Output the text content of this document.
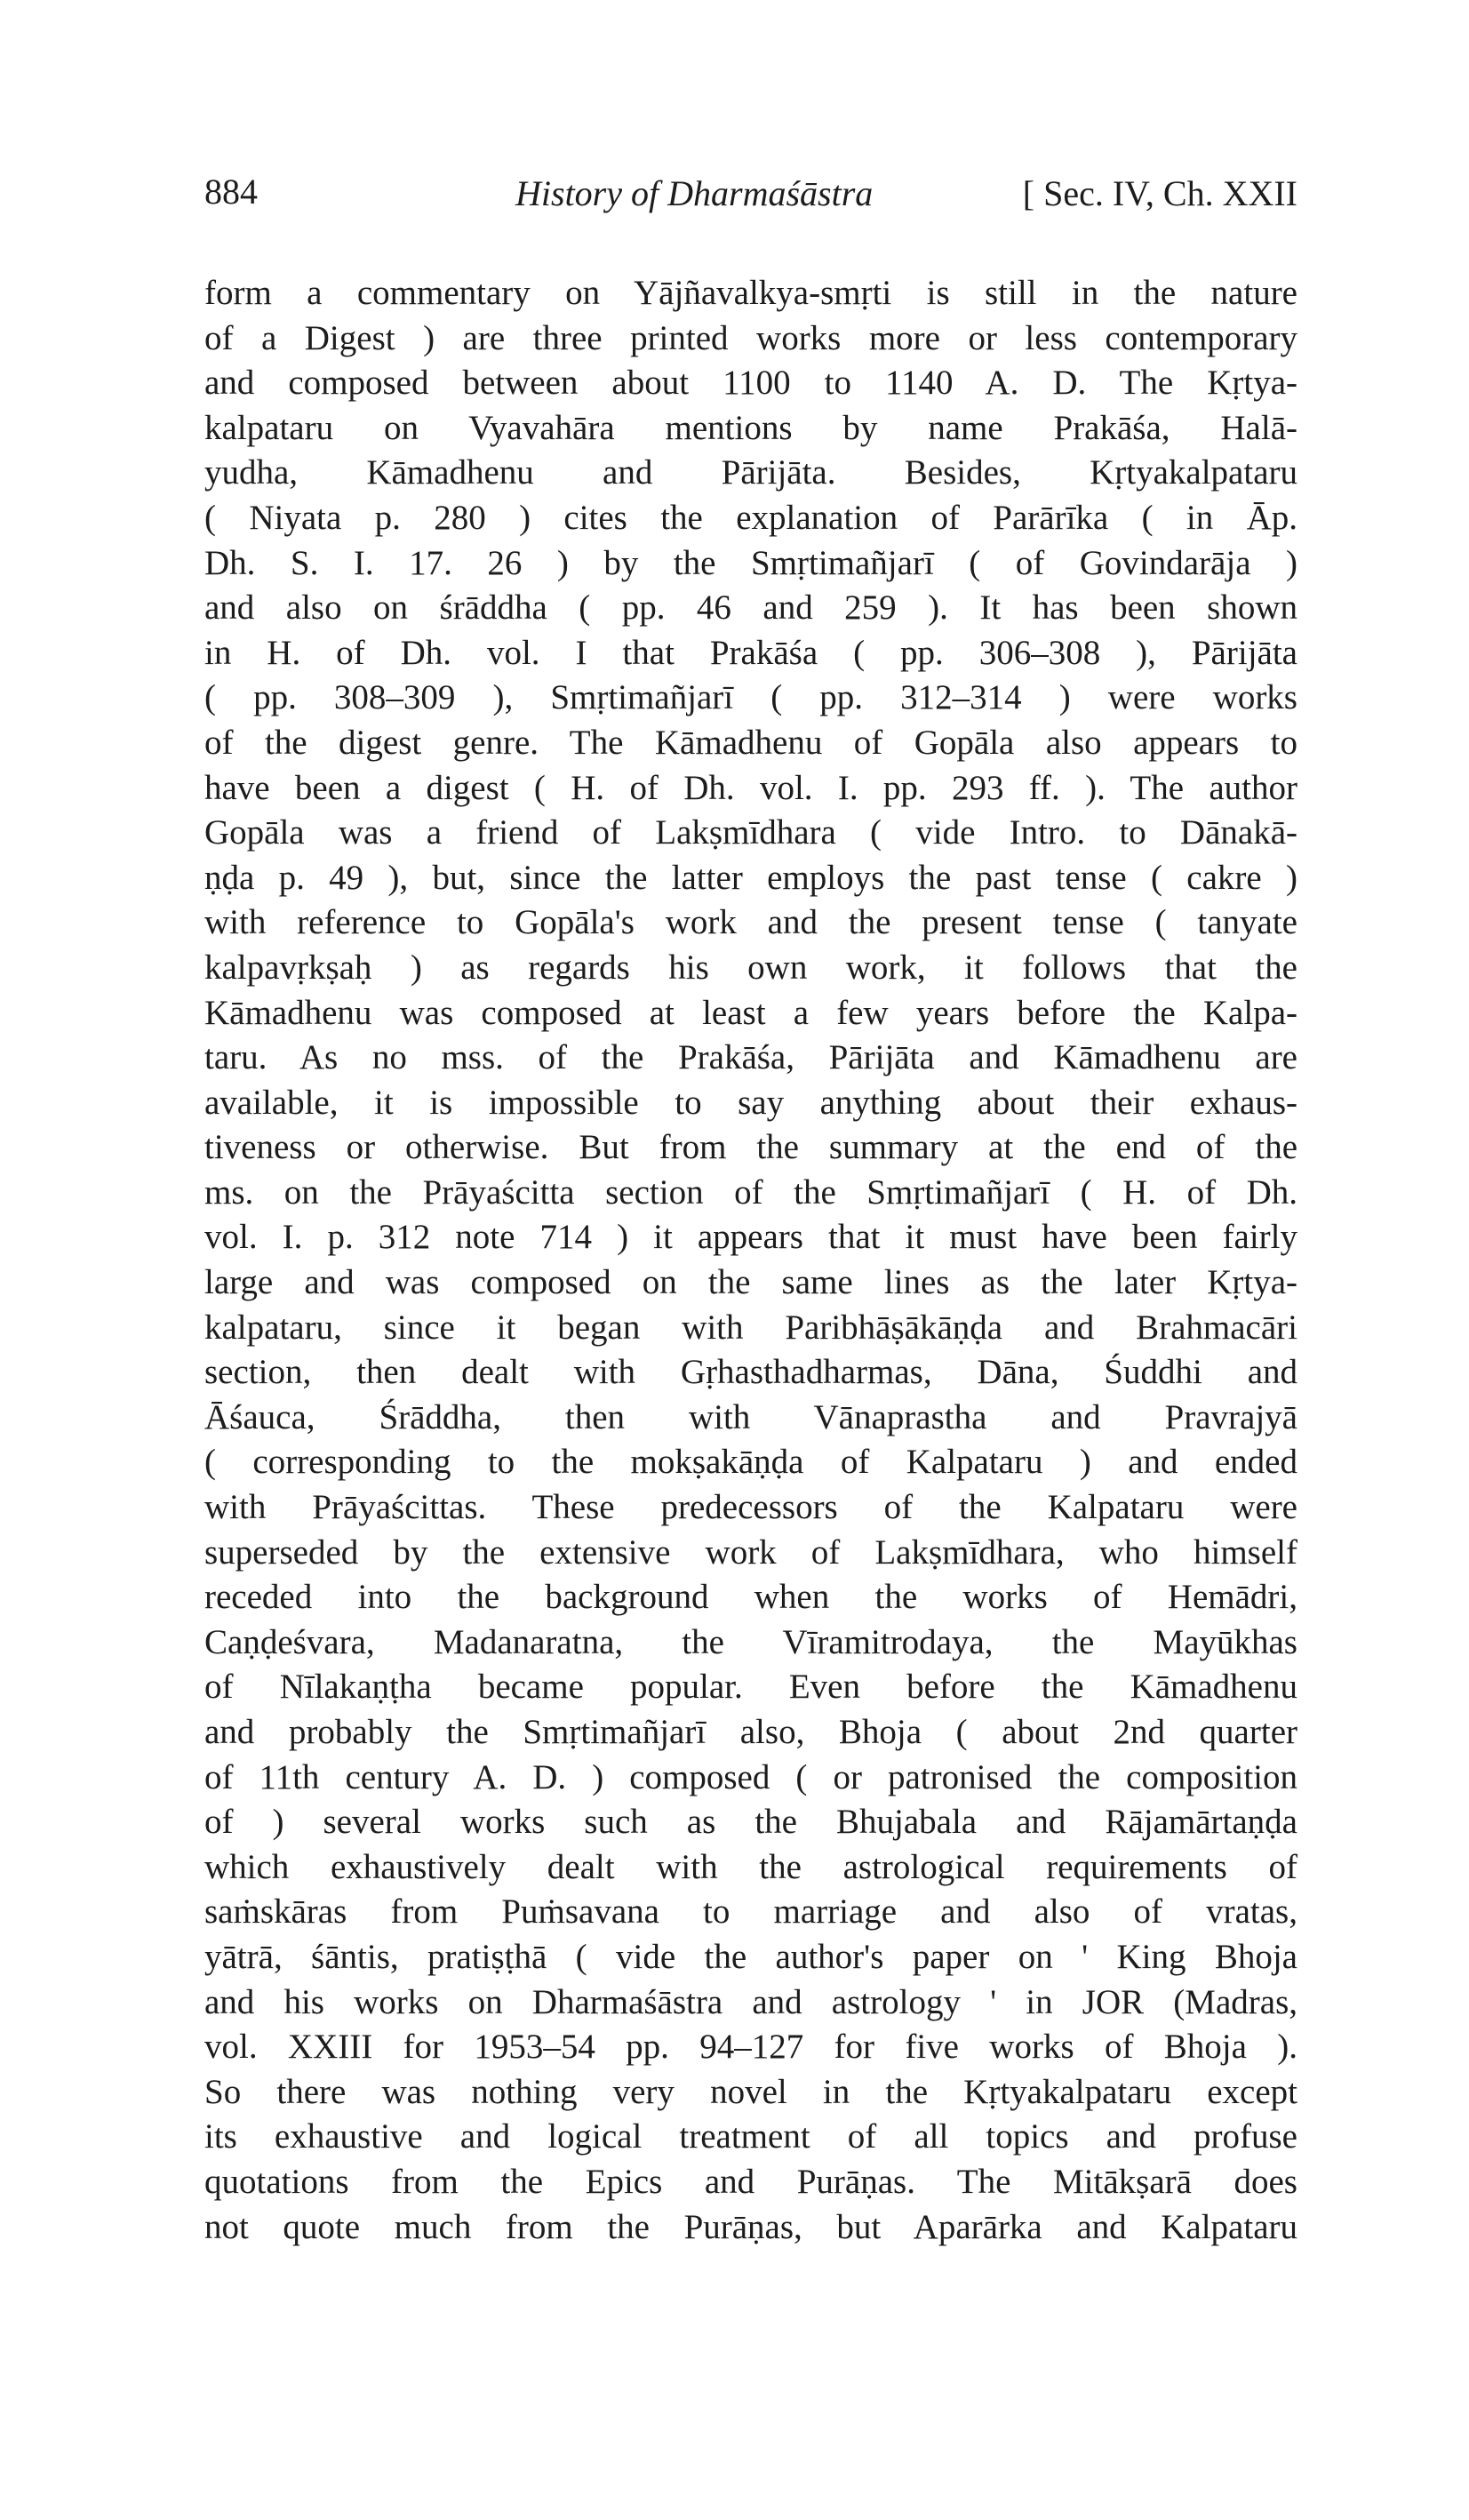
884	History of Dharmaśāstra	[ Sec. IV, Ch. XXII
form a commentary on Yājñavalkya-smṛti is still in the nature
of a Digest ) are three printed works more or less contemporary
and composed between about 1100 to 1140 A. D. The Kṛtya-
kalpataru on Vyavahāra mentions by name Prakāśa, Halā-
yudha, Kāmadhenu and Pārijāta. Besides, Kṛtyakalpataru
( Niyata p. 280 ) cites the explanation of Parārīka ( in Āp.
Dh. S. I. 17. 26 ) by the Smṛtimañjarī ( of Govindarāja )
and also on śrāddha ( pp. 46 and 259 ). It has been shown
in H. of Dh. vol. I that Prakāśa ( pp. 306–308 ), Pārijāta
( pp. 308–309 ), Smṛtimañjarī ( pp. 312–314 ) were works
of the digest genre. The Kāmadhenu of Gopāla also appears to
have been a digest ( H. of Dh. vol. I. pp. 293 ff. ). The author
Gopāla was a friend of Lakṣmīdhara ( vide Intro. to Dānakā-
ṇḍa p. 49 ), but, since the latter employs the past tense ( cakre )
with reference to Gopāla's work and the present tense ( tanyate
kalpavṛkṣaḥ ) as regards his own work, it follows that the
Kāmadhenu was composed at least a few years before the Kalpa-
taru. As no mss. of the Prakāśa, Pārijāta and Kāmadhenu are
available, it is impossible to say anything about their exhaus-
tiveness or otherwise. But from the summary at the end of the
ms. on the Prāyaścitta section of the Smṛtimañjarī ( H. of Dh.
vol. I. p. 312 note 714 ) it appears that it must have been fairly
large and was composed on the same lines as the later Kṛtya-
kalpataru, since it began with Paribhāṣākāṇḍa and Brahmacāri
section, then dealt with Gṛhasthadharmas, Dāna, Śuddhi and
Āśauca, Śrāddha, then with Vānaprastha and Pravrajyā
( corresponding to the mokṣakāṇḍa of Kalpataru ) and ended
with Prāyaścittas. These predecessors of the Kalpataru were
superseded by the extensive work of Lakṣmīdhara, who himself
receded into the background when the works of Hemādri,
Caṇḍeśvara, Madanaratna, the Vīramitrodaya, the Mayūkhas
of Nīlakaṇṭha became popular. Even before the Kāmadhenu
and probably the Smṛtimañjarī also, Bhoja ( about 2nd quarter
of 11th century A. D. ) composed ( or patronised the composition
of ) several works such as the Bhujabala and Rājamārtaṇḍa
which exhaustively dealt with the astrological requirements of
saṁskāras from Puṁsavana to marriage and also of vratas,
yātrā, śāntis, pratiṣṭhā ( vide the author's paper on ' King Bhoja
and his works on Dharmaśāstra and astrology ' in JOR (Madras,
vol. XXIII for 1953–54 pp. 94–127 for five works of Bhoja ).
So there was nothing very novel in the Kṛtyakalpataru except
its exhaustive and logical treatment of all topics and profuse
quotations from the Epics and Purāṇas. The Mitākṣarā does
not quote much from the Purāṇas, but Aparārka and Kalpataru
